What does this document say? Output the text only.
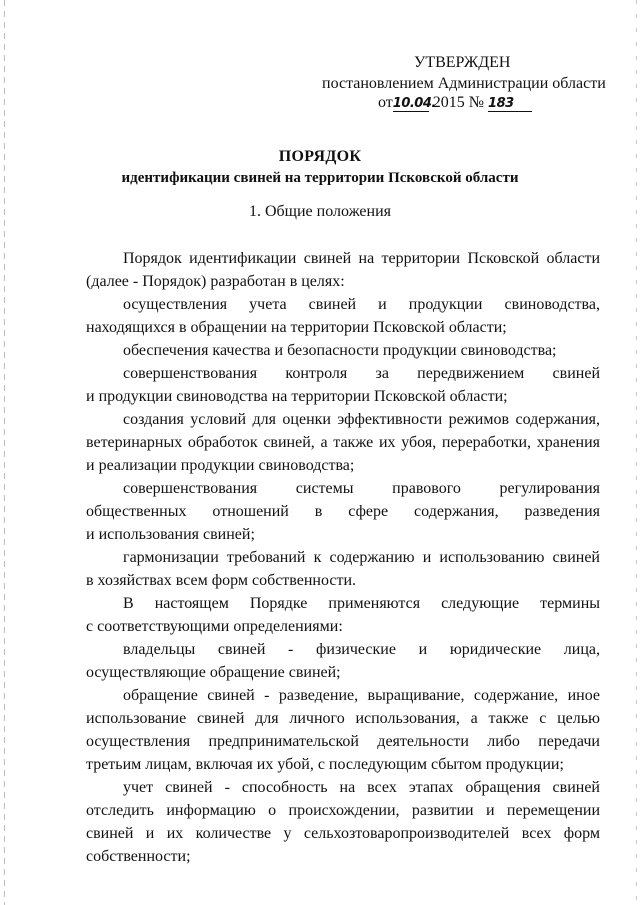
УТВЕРЖДЕН
постановлением Администрации области
от10.04. 2015 № 183
ПОРЯДОК
идентификации свиней на территории Псковской области
1. Общие положения
Порядок идентификации свиней на территории Псковской области
(далее - Порядок) разработан в целях:
осуществления учета свиней и продукции свиноводства,
находящихся в обращении на территории Псковской области;
обеспечения качества и безопасности продукции свиноводства;
совершенствования контроля за передвижением свиней
и продукции свиноводства на территории Псковской области;
создания условий для оценки эффективности режимов содержания,
ветеринарных обработок свиней, а также их убоя, переработки, хранения
и реализации продукции свиноводства;
совершенствования системы правового регулирования
общественных отношений в сфере содержания, разведения
и использования свиней;
гармонизации требований к содержанию и использованию свиней
в хозяйствах всем форм собственности.
В настоящем Порядке применяются следующие термины
с соответствующими определениями:
владельцы свиней - физические и юридические лица,
осуществляющие обращение свиней;
обращение свиней - разведение, выращивание, содержание, иное
использование свиней для личного использования, а также с целью
осуществления предпринимательской деятельности либо передачи
третьим лицам, включая их убой, с последующим сбытом продукции;
учет свиней - способность на всех этапах обращения свиней
отследить информацию о происхождении, развитии и перемещении
свиней и их количестве у сельхозтоваропроизводителей всех форм
собственности;
